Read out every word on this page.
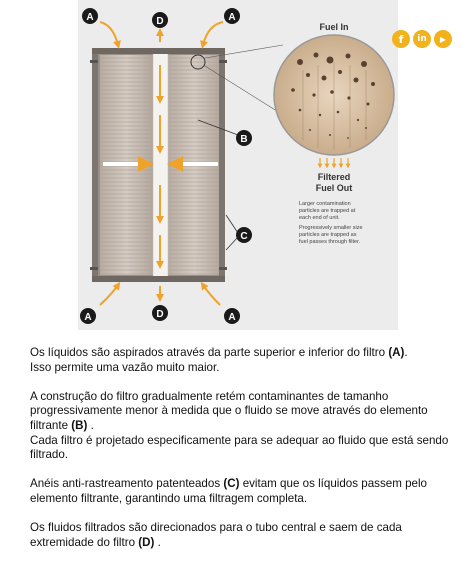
A	D	A
B
C
A	D	A
Fuel In
Filtered
Fuel Out
Larger contamination
particles are trapped at
each end of unit.
Progressively smaller size
particles are trapped as
fuel passes through filter.
f in ▶

Os líquidos são aspirados através da parte superior e inferior do filtro (A).
Isso permite uma vazão muito maior.

A construção do filtro gradualmente retém contaminantes de tamanho progressivamente menor à medida que o fluido se move através do elemento filtrante (B) .
Cada filtro é projetado especificamente para se adequar ao fluido que está sendo filtrado.

Anéis anti-rastreamento patenteados (C) evitam que os líquidos passem pelo elemento filtrante, garantindo uma filtragem completa.

Os fluidos filtrados são direcionados para o tubo central e saem de cada extremidade do filtro (D) .
